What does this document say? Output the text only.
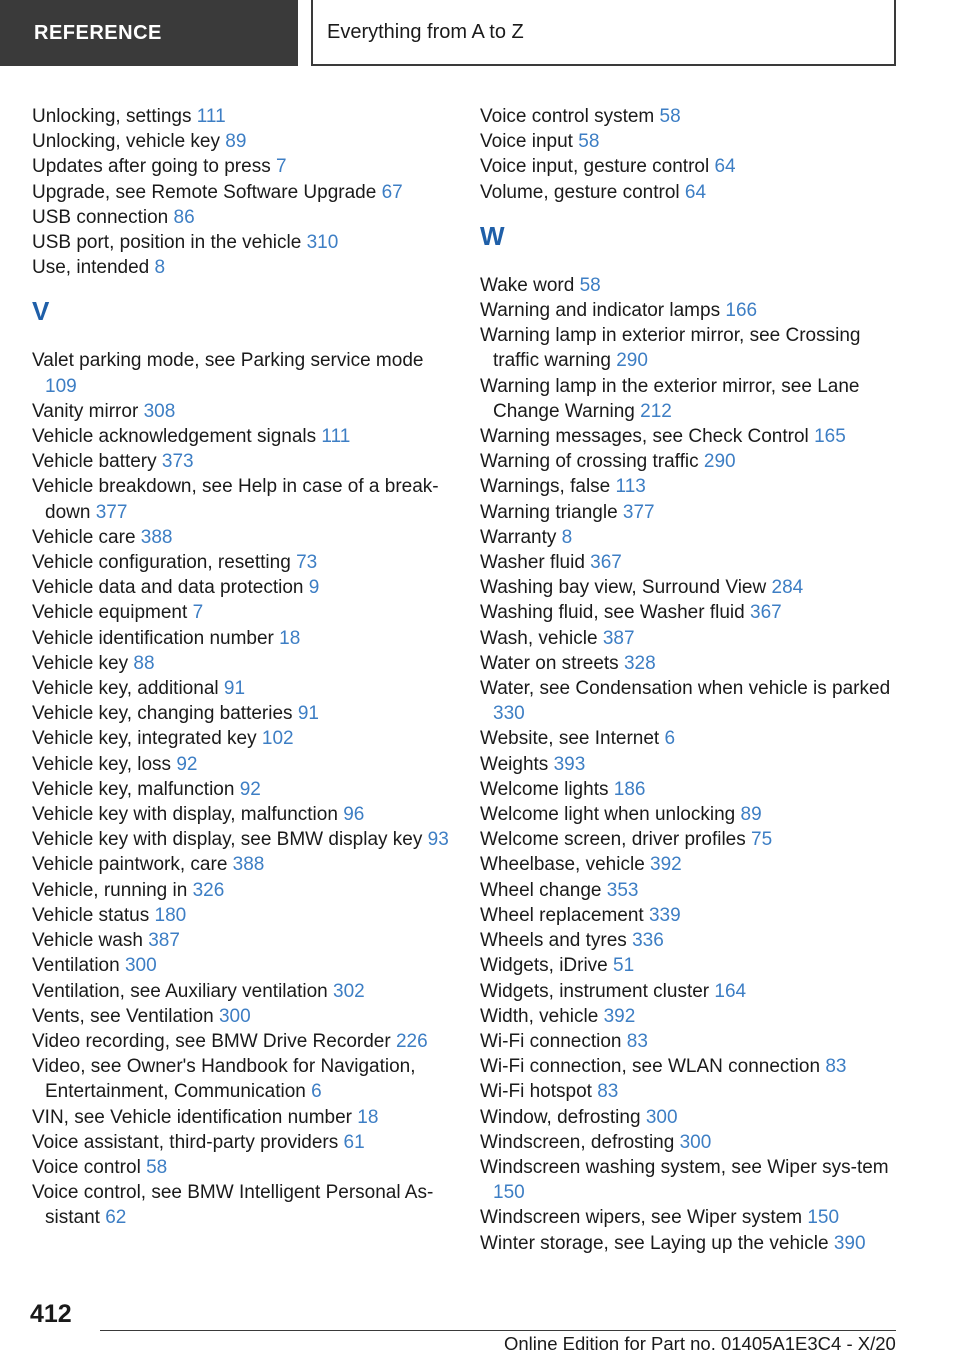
REFERENCE	Everything from A to Z
Unlocking, settings 111
Unlocking, vehicle key 89
Updates after going to press 7
Upgrade, see Remote Software Upgrade 67
USB connection 86
USB port, position in the vehicle 310
Use, intended 8
V
Valet parking mode, see Parking service mode 109
Vanity mirror 308
Vehicle acknowledgement signals 111
Vehicle battery 373
Vehicle breakdown, see Help in case of a break‐down 377
Vehicle care 388
Vehicle configuration, resetting 73
Vehicle data and data protection 9
Vehicle equipment 7
Vehicle identification number 18
Vehicle key 88
Vehicle key, additional 91
Vehicle key, changing batteries 91
Vehicle key, integrated key 102
Vehicle key, loss 92
Vehicle key, malfunction 92
Vehicle key with display, malfunction 96
Vehicle key with display, see BMW display key 93
Vehicle paintwork, care 388
Vehicle, running in 326
Vehicle status 180
Vehicle wash 387
Ventilation 300
Ventilation, see Auxiliary ventilation 302
Vents, see Ventilation 300
Video recording, see BMW Drive Recorder 226
Video, see Owner's Handbook for Navigation, Entertainment, Communication 6
VIN, see Vehicle identification number 18
Voice assistant, third-party providers 61
Voice control 58
Voice control, see BMW Intelligent Personal As‐sistant 62
Voice control system 58
Voice input 58
Voice input, gesture control 64
Volume, gesture control 64
W
Wake word 58
Warning and indicator lamps 166
Warning lamp in exterior mirror, see Crossing traffic warning 290
Warning lamp in the exterior mirror, see Lane Change Warning 212
Warning messages, see Check Control 165
Warning of crossing traffic 290
Warnings, false 113
Warning triangle 377
Warranty 8
Washer fluid 367
Washing bay view, Surround View 284
Washing fluid, see Washer fluid 367
Wash, vehicle 387
Water on streets 328
Water, see Condensation when vehicle is parked 330
Website, see Internet 6
Weights 393
Welcome lights 186
Welcome light when unlocking 89
Welcome screen, driver profiles 75
Wheelbase, vehicle 392
Wheel change 353
Wheel replacement 339
Wheels and tyres 336
Widgets, iDrive 51
Widgets, instrument cluster 164
Width, vehicle 392
Wi-Fi connection 83
Wi-Fi connection, see WLAN connection 83
Wi-Fi hotspot 83
Window, defrosting 300
Windscreen, defrosting 300
Windscreen washing system, see Wiper sys‐tem 150
Windscreen wipers, see Wiper system 150
Winter storage, see Laying up the vehicle 390
412
Online Edition for Part no. 01405A1E3C4 - X/20
